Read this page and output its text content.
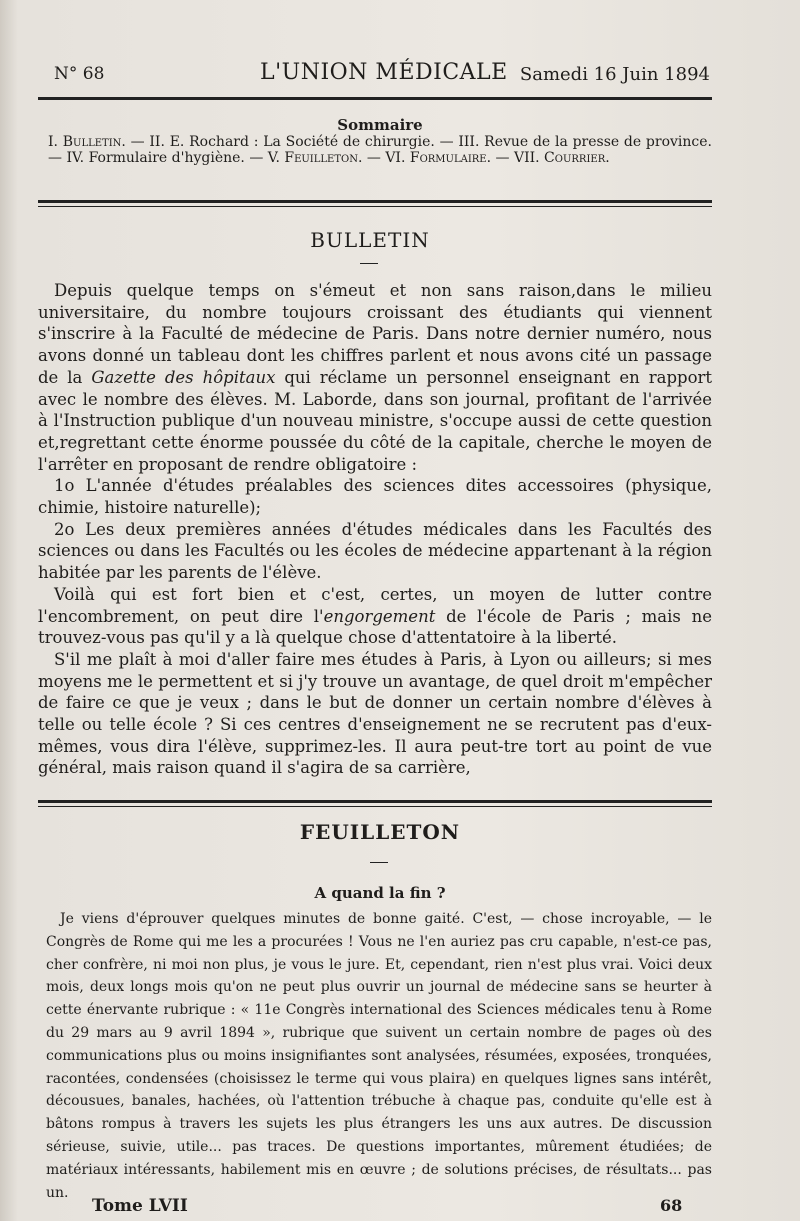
N° 68	L'UNION MÉDICALE Samedi 16 Juin 1894
Sommaire
I. Bulletin. — II. E. Rochard : La Société de chirurgie. — III. Revue de la presse de province. — IV. Formulaire d'hygiène. — V. Feuilleton. — VI. Formulaire. — VII. Courrier.
BULLETIN

Depuis quelque temps on s'émeut et non sans raison,dans le milieu universitaire, du nombre toujours croissant des étudiants qui viennent s'inscrire à la Faculté de médecine de Paris. Dans notre dernier numéro, nous avons donné un tableau dont les chiffres parlent et nous avons cité un passage de la Gazette des hôpitaux qui réclame un personnel enseignant en rapport avec le nombre des élèves. M. Laborde, dans son journal, profitant de l'arrivée à l'Instruction publique d'un nouveau ministre, s'occupe aussi de cette question et,regrettant cette énorme poussée du côté de la capitale, cherche le moyen de l'arrêter en proposant de rendre obligatoire :

1o L'année d'études préalables des sciences dites accessoires (physique, chimie, histoire naturelle);

2o Les deux premières années d'études médicales dans les Facultés des sciences ou dans les Facultés ou les écoles de médecine appartenant à la région habitée par les parents de l'élève.

Voilà qui est fort bien et c'est, certes, un moyen de lutter contre l'encombrement, on peut dire l'engorgement de l'école de Paris ; mais ne trouvez-vous pas qu'il y a là quelque chose d'attentatoire à la liberté.

S'il me plaît à moi d'aller faire mes études à Paris, à Lyon ou ailleurs; si mes moyens me le permettent et si j'y trouve un avantage, de quel droit m'empêcher de faire ce que je veux ; dans le but de donner un certain nombre d'élèves à telle ou telle école ? Si ces centres d'enseignement ne se recrutent pas d'eux-mêmes, vous dira l'élève, supprimez-les. Il aura peut-tre tort au point de vue général, mais raison quand il s'agira de sa carrière,

FEUILLETON
A quand la fin ?

Je viens d'éprouver quelques minutes de bonne gaité. C'est, — chose incroyable, — le Congrès de Rome qui me les a procurées ! Vous ne l'en auriez pas cru capable, n'est-ce pas, cher confrère, ni moi non plus, je vous le jure. Et, cependant, rien n'est plus vrai. Voici deux mois, deux longs mois qu'on ne peut plus ouvrir un journal de médecine sans se heurter à cette énervante rubrique : « 11e Congrès international des Sciences médicales tenu à Rome du 29 mars au 9 avril 1894 », rubrique que suivent un certain nombre de pages où des communications plus ou moins insignifiantes sont analysées, résumées, exposées, tronquées, racontées, condensées (choisissez le terme qui vous plaira) en quelques lignes sans intérêt, décousues, banales, hachées, où l'attention trébuche à chaque pas, conduite qu'elle est à bâtons rompus à travers les sujets les plus étrangers les uns aux autres. De discussion sérieuse, suivie, utile... pas traces. De questions importantes, mûrement étudiées; de matériaux intéressants, habilement mis en œuvre ; de solutions précises, de résultats... pas un.

Tome LVII	68
